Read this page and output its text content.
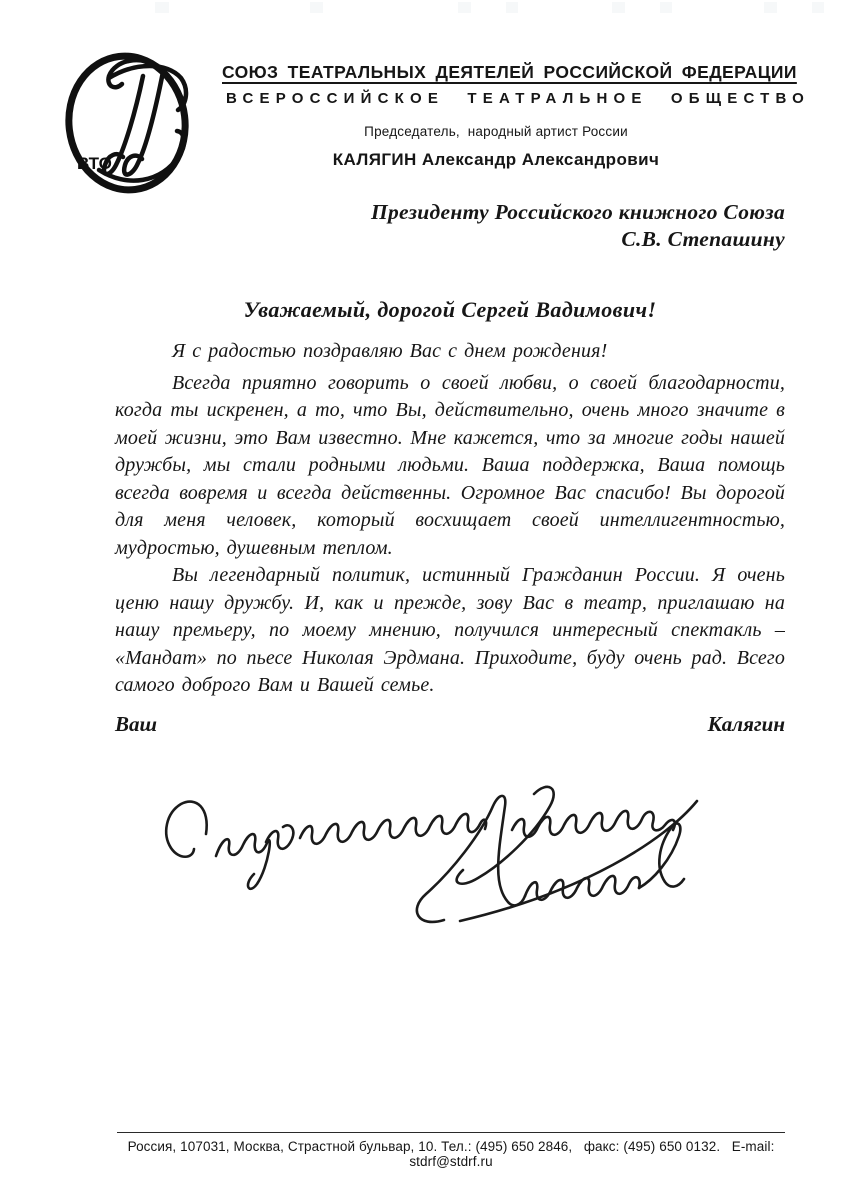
ВТО
СОЮЗ ТЕАТРАЛЬНЫХ ДЕЯТЕЛЕЙ РОССИЙСКОЙ ФЕДЕРАЦИИ
ВСЕРОССИЙСКОЕ ТЕАТРАЛЬНОЕ ОБЩЕСТВО
Председатель,  народный артист России
КАЛЯГИН Александр Александрович
Президенту Российского книжного Союза
С.В. Степашину
Уважаемый, дорогой Сергей Вадимович!

Я с радостью поздравляю Вас с днем рождения!

Всегда приятно говорить о своей любви, о своей благодарности, когда ты искренен, а то, что Вы, действительно, очень много значите в моей жизни, это Вам известно. Мне кажется, что за многие годы нашей дружбы, мы стали родными людьми. Ваша поддержка, Ваша помощь всегда вовремя и всегда действенны. Огромное Вас спасибо! Вы дорогой для меня человек, который восхищает своей интеллигентностью, мудростью, душевным теплом.

Вы легендарный политик, истинный Гражданин России. Я очень ценю нашу дружбу. И, как и прежде, зову Вас в театр, приглашаю на нашу премьеру, по моему мнению, получился интересный спектакль – «Мандат» по пьесе Николая Эрдмана. Приходите, буду очень рад. Всего самого доброго Вам и Вашей семье.

Ваш	Калягин
Россия, 107031, Москва, Страстной бульвар, 10. Тел.: (495) 650 2846,   факс: (495) 650 0132.   E-mail: stdrf@stdrf.ru
